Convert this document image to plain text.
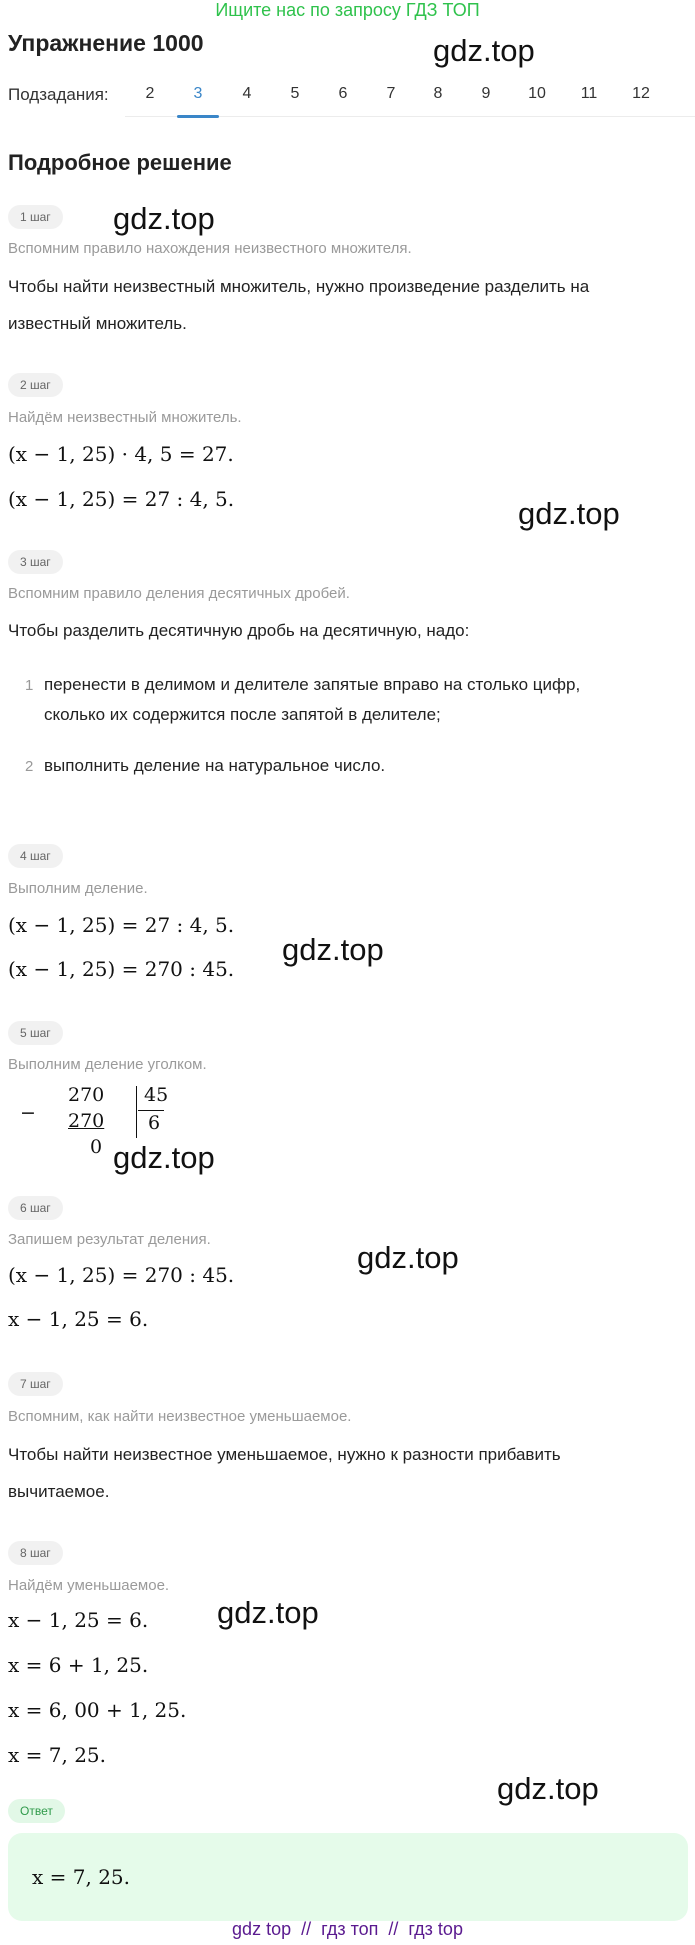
Ищите нас по запросу ГДЗ ТОП
Упражнение 1000	gdz.top
Подзадания:	2	3	4	5	6	7	8	9	10	11	12
Подробное решение
1 шаг	gdz.top
Вспомним правило нахождения неизвестного множителя.
Чтобы найти неизвестный множитель, нужно произведение разделить на известный множитель.
2 шаг
Найдём неизвестный множитель.
(x − 1, 25) · 4, 5 = 27.
(x − 1, 25) = 27 : 4, 5.	gdz.top
3 шаг
Вспомним правило деления десятичных дробей.
Чтобы разделить десятичную дробь на десятичную, надо:
1 перенести в делимом и делителе запятые вправо на столько цифр, сколько их содержится после запятой в делителе;
2 выполнить деление на натуральное число.
4 шаг
Выполним деление.
(x − 1, 25) = 27 : 4, 5.
(x − 1, 25) = 270 : 45.
gdz.top
5 шаг
Выполним деление уголком.
−
270
270
0
45
6
gdz.top
6 шаг
Запишем результат деления.
(x − 1, 25) = 270 : 45.	gdz.top
x − 1, 25 = 6.
7 шаг
Вспомним, как найти неизвестное уменьшаемое.
Чтобы найти неизвестное уменьшаемое, нужно к разности прибавить вычитаемое.
8 шаг
Найдём уменьшаемое.
x − 1, 25 = 6. gdz.top
x = 6 + 1, 25.
x = 6, 00 + 1, 25.
x = 7, 25.
gdz.top
Ответ
x = 7, 25.
gdz top  //  гдз топ  //  гдз top
